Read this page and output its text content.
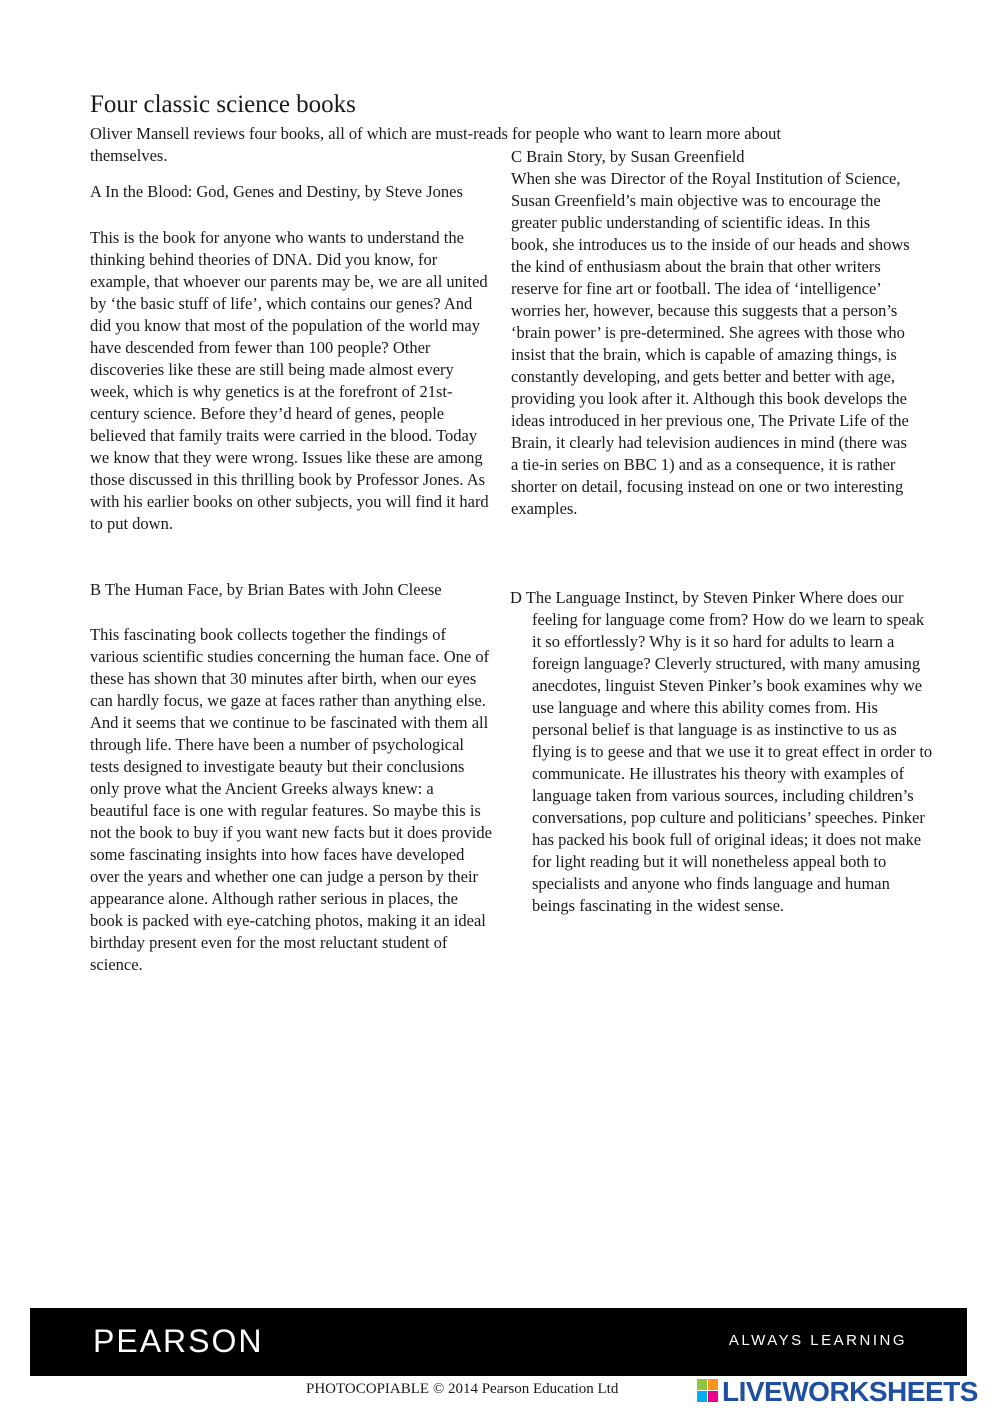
Four classic science books
Oliver Mansell reviews four books, all of which are must-reads for people who want to learn more about themselves.
A In the Blood: God, Genes and Destiny, by Steve Jones
This is the book for anyone who wants to understand the thinking behind theories of DNA. Did you know, for example, that whoever our parents may be, we are all united by ‘the basic stuff of life’, which contains our genes? And did you know that most of the population of the world may have descended from fewer than 100 people? Other discoveries like these are still being made almost every week, which is why genetics is at the forefront of 21st-century science. Before they’d heard of genes, people believed that family traits were carried in the blood. Today we know that they were wrong. Issues like these are among those discussed in this thrilling book by Professor Jones. As with his earlier books on other subjects, you will find it hard to put down.
B The Human Face, by Brian Bates with John Cleese
This fascinating book collects together the findings of various scientific studies concerning the human face. One of these has shown that 30 minutes after birth, when our eyes can hardly focus, we gaze at faces rather than anything else. And it seems that we continue to be fascinated with them all through life. There have been a number of psychological tests designed to investigate beauty but their conclusions only prove what the Ancient Greeks always knew: a beautiful face is one with regular features. So maybe this is not the book to buy if you want new facts but it does provide some fascinating insights into how faces have developed over the years and whether one can judge a person by their appearance alone. Although rather serious in places, the book is packed with eye-catching photos, making it an ideal birthday present even for the most reluctant student of science.
C Brain Story, by Susan Greenfield
When she was Director of the Royal Institution of Science, Susan Greenfield’s main objective was to encourage the greater public understanding of scientific ideas. In this book, she introduces us to the inside of our heads and shows the kind of enthusiasm about the brain that other writers reserve for fine art or football. The idea of ‘intelligence’ worries her, however, because this suggests that a person’s ‘brain power’ is pre-determined. She agrees with those who insist that the brain, which is capable of amazing things, is constantly developing, and gets better and better with age, providing you look after it. Although this book develops the ideas introduced in her previous one, The Private Life of the Brain, it clearly had television audiences in mind (there was a tie-in series on BBC 1) and as a consequence, it is rather shorter on detail, focusing instead on one or two interesting examples.
D The Language Instinct, by Steven Pinker Where does our feeling for language come from? How do we learn to speak it so effortlessly? Why is it so hard for adults to learn a foreign language? Cleverly structured, with many amusing anecdotes, linguist Steven Pinker’s book examines why we use language and where this ability comes from. His personal belief is that language is as instinctive to us as flying is to geese and that we use it to great effect in order to communicate. He illustrates his theory with examples of language taken from various sources, including children’s conversations, pop culture and politicians’ speeches. Pinker has packed his book full of original ideas; it does not make for light reading but it will nonetheless appeal both to specialists and anyone who finds language and human beings fascinating in the widest sense.
PEARSON	ALWAYS LEARNING
PHOTOCOPIABLE © 2014 Pearson Education Ltd	LIVEWORKSHEETS
